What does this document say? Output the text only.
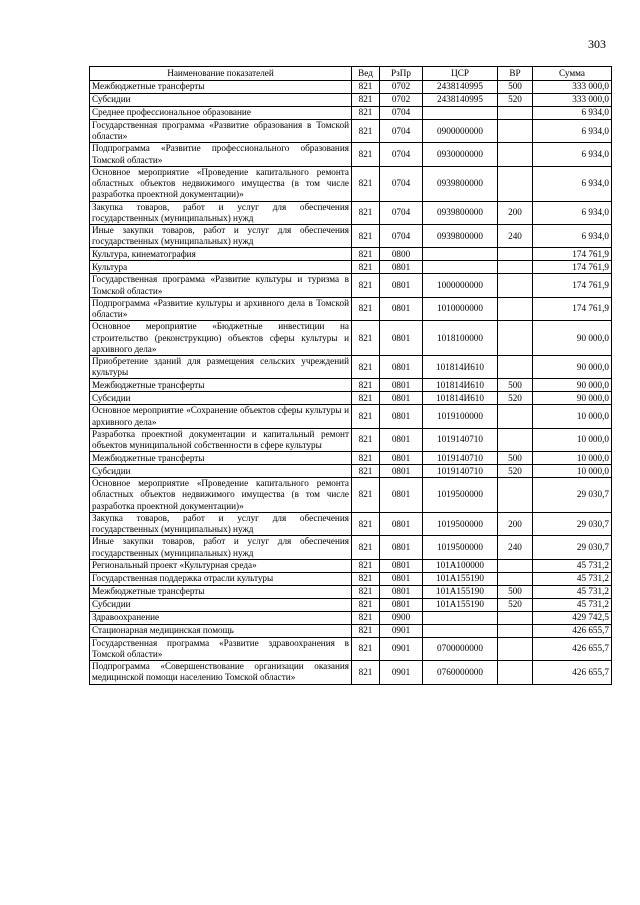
303
Наименование показателей	Вед	РзПр	ЦСР	ВР	Сумма
Межбюджетные трансферты	821	0702	2438140995	500	333 000,0
Субсидии	821	0702	2438140995	520	333 000,0
Среднее профессиональное образование	821	0704			6 934,0
Государственная программа «Развитие образования в Томской области»	821	0704	0900000000		6 934,0
Подпрограмма «Развитие профессионального образования Томской области»	821	0704	0930000000		6 934,0
Основное мероприятие «Проведение капитального ремонта областных объектов недвижимого имущества (в том числе разработка проектной документации)»	821	0704	0939800000		6 934,0
Закупка товаров, работ и услуг для обеспечения государственных (муниципальных) нужд	821	0704	0939800000	200	6 934,0
Иные закупки товаров, работ и услуг для обеспечения государственных (муниципальных) нужд	821	0704	0939800000	240	6 934,0
Культура, кинематография	821	0800			174 761,9
Культура	821	0801			174 761,9
Государственная программа «Развитие культуры и туризма в Томской области»	821	0801	1000000000		174 761,9
Подпрограмма «Развитие культуры и архивного дела в Томской области»	821	0801	1010000000		174 761,9
Основное мероприятие «Бюджетные инвестиции на строительство (реконструкцию) объектов сферы культуры и архивного дела»	821	0801	1018100000		90 000,0
Приобретение зданий для размещения сельских учреждений культуры	821	0801	101814И610		90 000,0
Межбюджетные трансферты	821	0801	101814И610	500	90 000,0
Субсидии	821	0801	101814И610	520	90 000,0
Основное мероприятие «Сохранение объектов сферы культуры и архивного дела»	821	0801	1019100000		10 000,0
Разработка проектной документации и капитальный ремонт объектов муниципальной собственности в сфере культуры	821	0801	1019140710		10 000,0
Межбюджетные трансферты	821	0801	1019140710	500	10 000,0
Субсидии	821	0801	1019140710	520	10 000,0
Основное мероприятие «Проведение капитального ремонта областных объектов недвижимого имущества (в том числе разработка проектной документации)»	821	0801	1019500000		29 030,7
Закупка товаров, работ и услуг для обеспечения государственных (муниципальных) нужд	821	0801	1019500000	200	29 030,7
Иные закупки товаров, работ и услуг для обеспечения государственных (муниципальных) нужд	821	0801	1019500000	240	29 030,7
Региональный проект «Культурная среда»	821	0801	101A100000		45 731,2
Государственная поддержка отрасли культуры	821	0801	101A155190		45 731,2
Межбюджетные трансферты	821	0801	101A155190	500	45 731,2
Субсидии	821	0801	101A155190	520	45 731,2
Здравоохранение	821	0900			429 742,5
Стационарная медицинская помощь	821	0901			426 655,7
Государственная программа «Развитие здравоохранения в Томской области»	821	0901	0700000000		426 655,7
Подпрограмма «Совершенствование организации оказания медицинской помощи населению Томской области»	821	0901	0760000000		426 655,7
